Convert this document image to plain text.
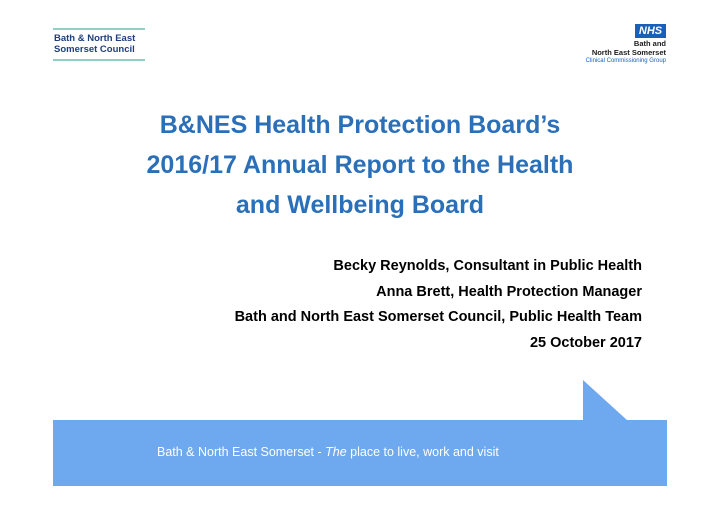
Bath & North East
Somerset Council
NHS
Bath and
North East Somerset
Clinical Commissioning Group
B&NES Health Protection Board’s
2016/17 Annual Report to the Health
and Wellbeing Board
Becky Reynolds, Consultant in Public Health
Anna Brett, Health Protection Manager
Bath and North East Somerset Council, Public Health Team
25 October 2017
Bath & North East Somerset - The place to live, work and visit
